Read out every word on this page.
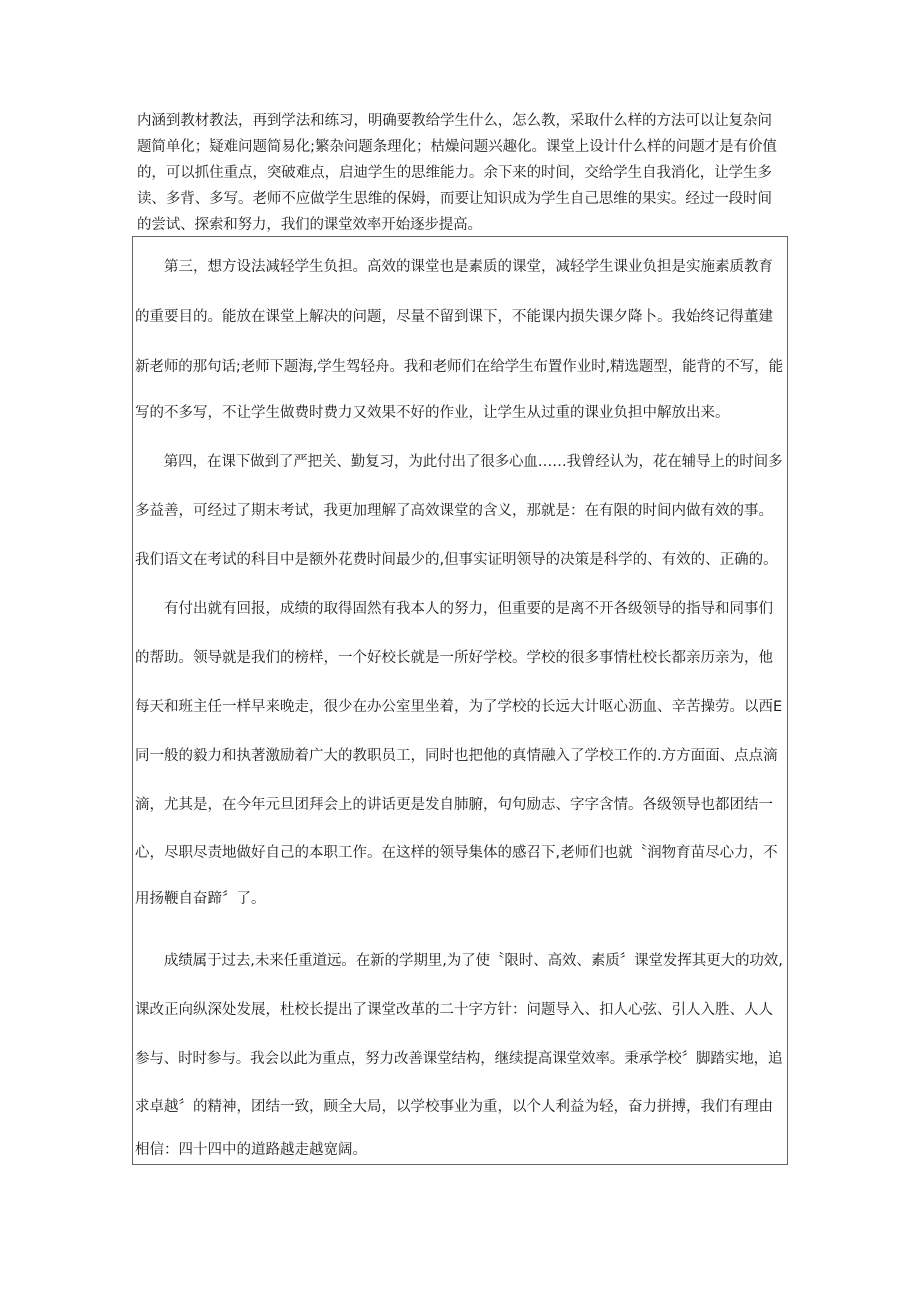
内涵到教材教法，再到学法和练习，明确要教给学生什么，怎么教，采取什么样的方法可以让复杂问
题简单化；疑难问题简易化;繁杂问题条理化；枯燥问题兴趣化。课堂上设计什么样的问题才是有价值
的，可以抓住重点，突破难点，启迪学生的思维能力。余下来的时间，交给学生自我消化，让学生多
读、多背、多写。老师不应做学生思维的保姆，而要让知识成为学生自己思维的果实。经过一段时间
的尝试、探索和努力，我们的课堂效率开始逐步提高。
　　第三，想方设法减轻学生负担。高效的课堂也是素质的课堂，减轻学生课业负担是实施素质教育
的重要目的。能放在课堂上解决的问题，尽量不留到课下，不能课内损失课夕降卜。我始终记得董建
新老师的那句话;老师下题海,学生驾轻舟。我和老师们在给学生布置作业时,精选题型，能背的不写，能
写的不多写，不让学生做费时费力又效果不好的作业，让学生从过重的课业负担中解放出来。
　　第四，在课下做到了严把关、勤复习，为此付出了很多心血……我曾经认为，花在辅导上的时间多
多益善，可经过了期末考试，我更加理解了高效课堂的含义，那就是：在有限的时间内做有效的事。
我们语文在考试的科目中是额外花费时间最少的,但事实证明领导的决策是科学的、有效的、正确的。
　　有付出就有回报，成绩的取得固然有我本人的努力，但重要的是离不开各级领导的指导和同事们
的帮助。领导就是我们的榜样，一个好校长就是一所好学校。学校的很多事情杜校长都亲历亲为，他
每天和班主任一样早来晚走，很少在办公室里坐着，为了学校的长远大计呕心沥血、辛苦操劳。以西E
同一般的毅力和执著激励着广大的教职员工，同时也把他的真情融入了学校工作的.方方面面、点点滴
滴，尤其是，在今年元旦团拜会上的讲话更是发自肺腑，句句励志、字字含情。各级领导也都团结一
心，尽职尽责地做好自己的本职工作。在这样的领导集体的感召下,老师们也就〝润物育苗尽心力，不
用扬鞭自奋蹄〞了。
　　成绩属于过去,未来任重道远。在新的学期里,为了使〝限时、高效、素质〞课堂发挥其更大的功效,
课改正向纵深处发展，杜校长提出了课堂改革的二十字方针：问题导入、扣人心弦、引人入胜、人人
参与、时时参与。我会以此为重点，努力改善课堂结构，继续提高课堂效率。秉承学校〞脚踏实地，追
求卓越〞的精神，团结一致，顾全大局，以学校事业为重，以个人利益为轻，奋力拼搏，我们有理由
相信：四十四中的道路越走越宽阔。
